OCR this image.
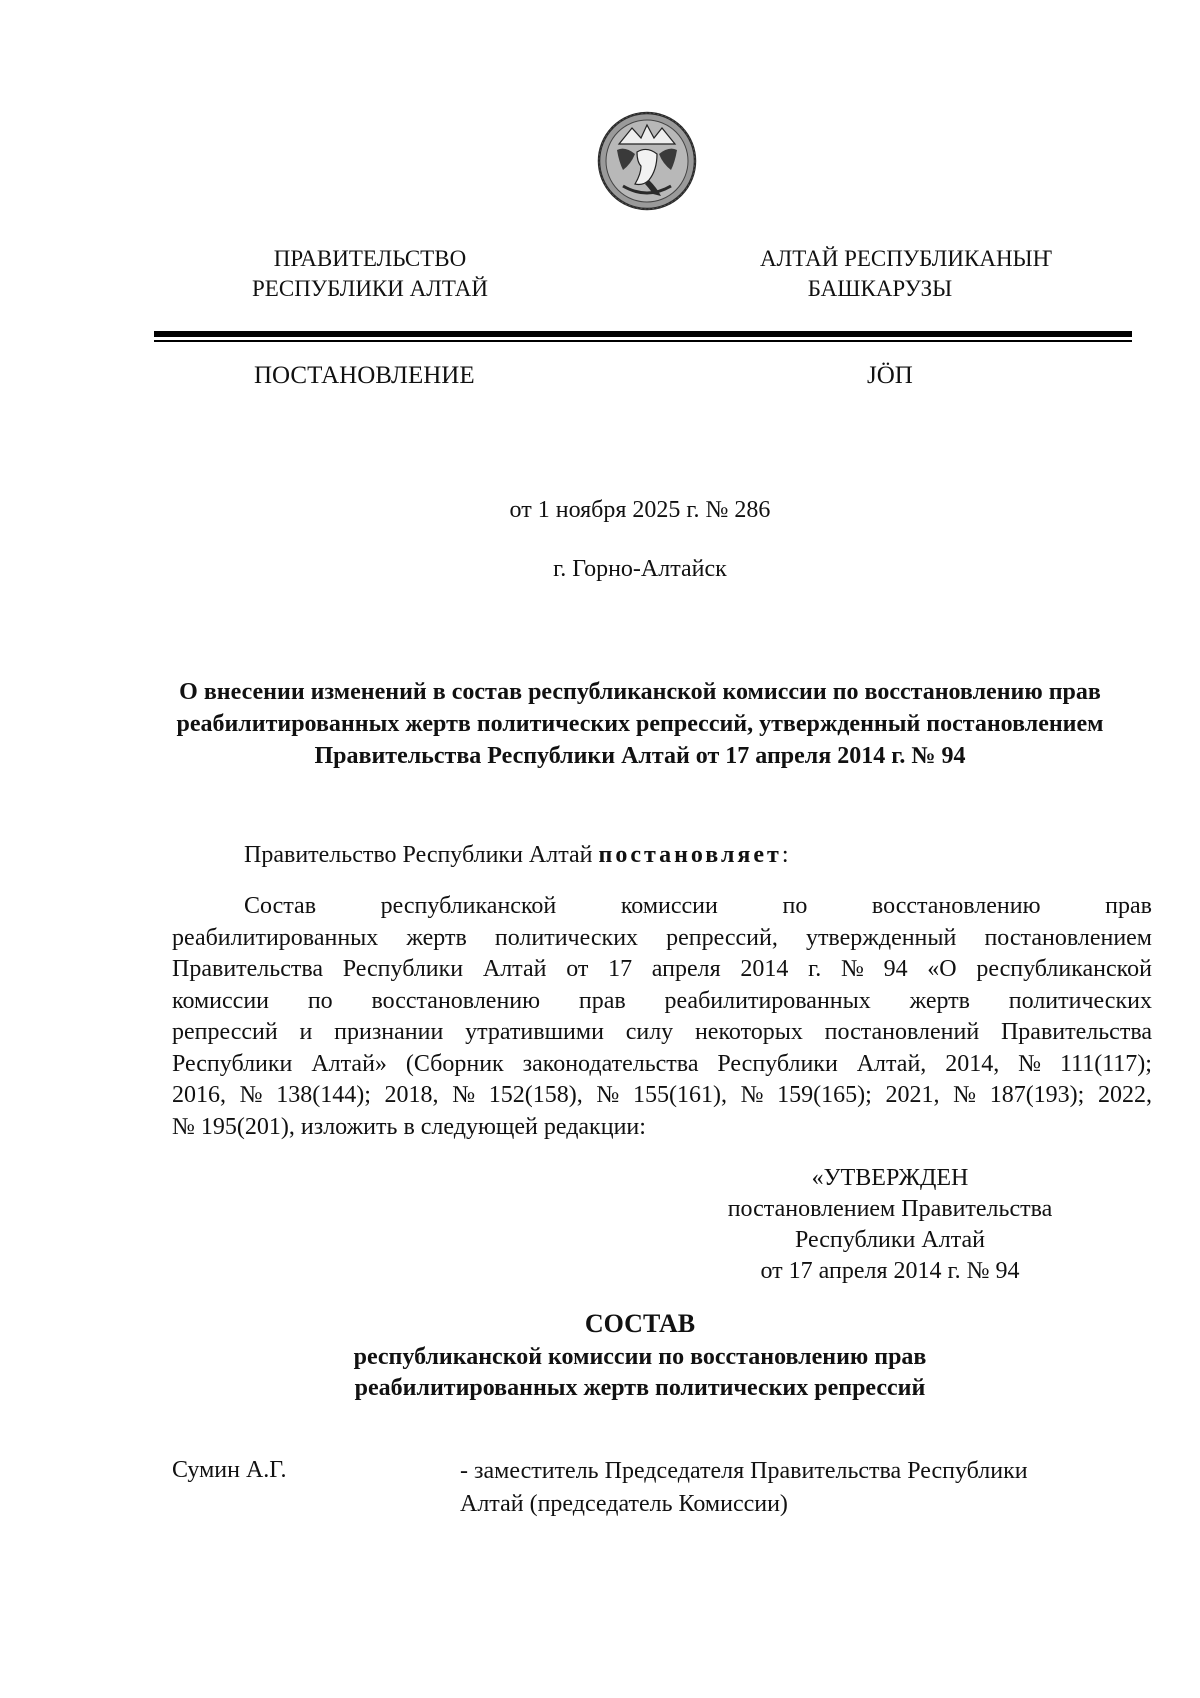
ПРАВИТЕЛЬСТВО
РЕСПУБЛИКИ АЛТАЙ
АЛТАЙ РЕСПУБЛИКАНЫҤ
БАШКАРУЗЫ
ПОСТАНОВЛЕНИЕ	JӦП
от 1 ноября 2025 г. № 286
г. Горно-Алтайск
О внесении изменений в состав республиканской комиссии по восстановлению прав
реабилитированных жертв политических репрессий, утвержденный постановлением
Правительства Республики Алтай от 17 апреля 2014 г. № 94
Правительство Республики Алтай постановляет:
Состав	республиканской	комиссии	по	восстановлению	прав
реабилитированных жертв политических репрессий, утвержденный постановлением
Правительства Республики Алтай от 17 апреля 2014 г. № 94 «О республиканской
комиссии по восстановлению прав реабилитированных жертв политических
репрессий и признании утратившими силу некоторых постановлений Правительства
Республики Алтай» (Сборник законодательства Республики Алтай, 2014, № 111(117);
2016, № 138(144); 2018, № 152(158), № 155(161), № 159(165); 2021, № 187(193); 2022,
№ 195(201), изложить в следующей редакции:
«УТВЕРЖДЕН
постановлением Правительства
Республики Алтай
от 17 апреля 2014 г. № 94
СОСТАВ
республиканской комиссии по восстановлению прав
реабилитированных жертв политических репрессий
Сумин А.Г.	- заместитель Председателя Правительства Республики
Алтай (председатель Комиссии)
